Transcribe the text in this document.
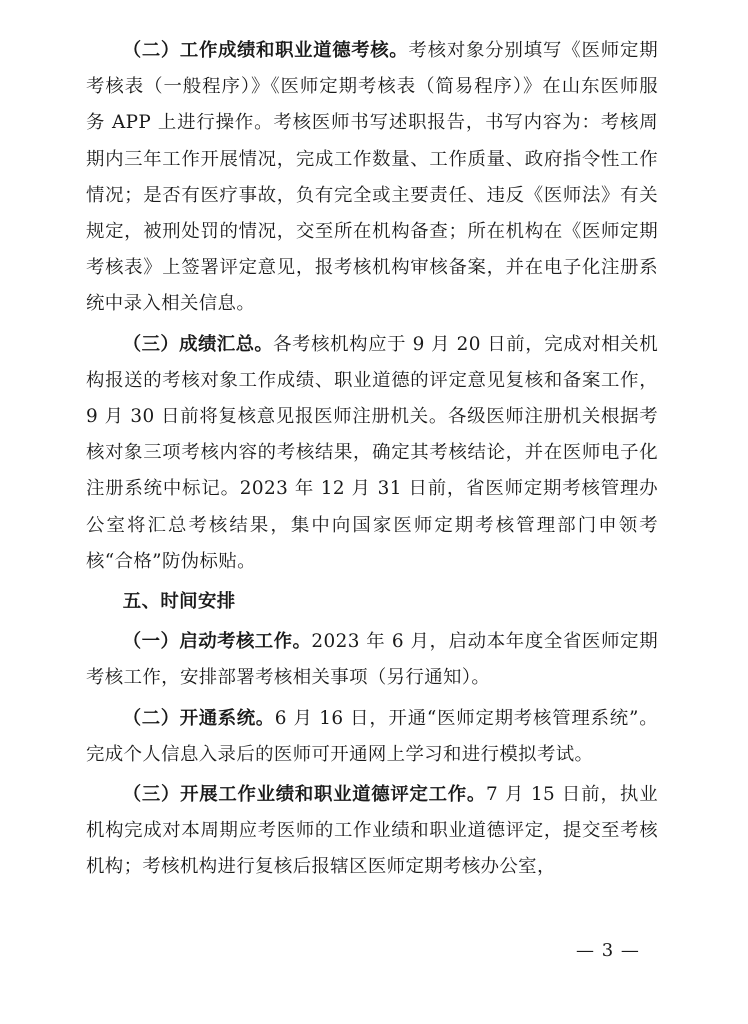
（二）工作成绩和职业道德考核。考核对象分别填写《医师定期考核表（一般程序）》《医师定期考核表（简易程序）》在山东医师服务 APP 上进行操作。考核医师书写述职报告，书写内容为：考核周期内三年工作开展情况，完成工作数量、工作质量、政府指令性工作情况；是否有医疗事故，负有完全或主要责任、违反《医师法》有关规定，被刑处罚的情况，交至所在机构备查；所在机构在《医师定期考核表》上签署评定意见，报考核机构审核备案，并在电子化注册系统中录入相关信息。

（三）成绩汇总。各考核机构应于 9 月 20 日前，完成对相关机构报送的考核对象工作成绩、职业道德的评定意见复核和备案工作，9 月 30 日前将复核意见报医师注册机关。各级医师注册机关根据考核对象三项考核内容的考核结果，确定其考核结论，并在医师电子化注册系统中标记。2023 年 12 月 31 日前，省医师定期考核管理办公室将汇总考核结果，集中向国家医师定期考核管理部门申领考核“合格”防伪标贴。

五、时间安排

（一）启动考核工作。2023 年 6 月，启动本年度全省医师定期考核工作，安排部署考核相关事项（另行通知）。

（二）开通系统。6 月 16 日，开通“医师定期考核管理系统”。完成个人信息入录后的医师可开通网上学习和进行模拟考试。

（三）开展工作业绩和职业道德评定工作。7 月 15 日前，执业机构完成对本周期应考医师的工作业绩和职业道德评定，提交至考核机构；考核机构进行复核后报辖区医师定期考核办公室，

— 3 —
